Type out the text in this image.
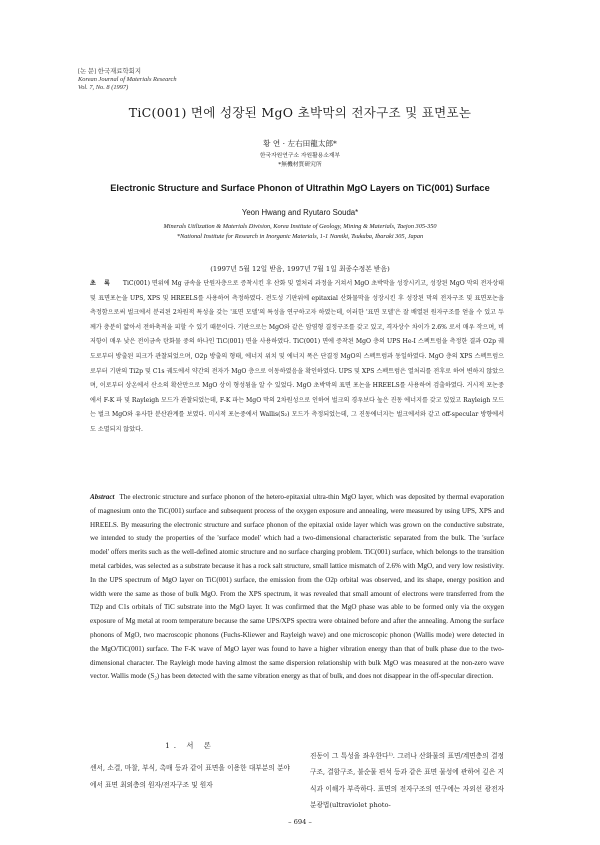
[논 문] 한국재료학회지
Korean Journal of Materials Research
Vol. 7, No. 8 (1997)
TiC(001) 면에 성장된 MgO 초박막의 전자구조 및 표면포논
황 연 · 左右田龍太郎*
한국자원연구소 자원활용소재부
*無機材質研究所
Electronic Structure and Surface Phonon of Ultrathin MgO Layers on TiC(001) Surface
Yeon Hwang and Ryutaro Souda*
Minerals Utilization & Materials Division, Korea Institute of Geology, Mining & Materials, Taejon 305-350
*National Institute for Research in Inorganic Materials, 1-1 Namiki, Tsukuba, Ibaraki 305, Japan
(1997년 5월 12일 받음, 1997년 7월 1일 최종수정본 받음)
초 록 TiC(001) 면위에 Mg 금속을 단원자층으로 증착시킨 후 산화 및 열처리 과정을 거쳐서 MgO 초박막을 성장시키고, 성장된 MgO 막의 전자상태 및 표면포논을 UPS, XPS 및 HREELS를 사용하여 측정하였다. 전도성 기판위에 epitaxial 산화물막을 성장시킨 후 성장된 막의 전자구조 및 표면포논을 측정함으로써 벌크에서 분리된 2차원적 특성을 갖는 '표면 모델'의 특성을 연구하고자 하였는데, 이러한 '표면 모델'은 잘 배열된 원자구조를 얻을 수 있고 두께가 충분히 얇아서 전하축적을 피할 수 있기 때문이다. 기판으로는 MgO와 같은 암염형 결정구조를 갖고 있고, 격자상수 차이가 2.6% 로서 매우 작으며, 비저항이 매우 낮은 전이금속 탄화물 중의 하나인 TiC(001) 면을 사용하였다. TiC(001) 면에 증착된 MgO 층의 UPS He-I 스펙트럼을 측정한 결과 O2p 궤도로부터 방출된 피크가 관찰되었으며, O2p 방출의 형태, 에너지 위치 및 에너지 폭은 단결정 MgO의 스펙트럼과 동일하였다. MgO 층의 XPS 스펙트럼으로부터 기판의 Ti2p 및 C1s 궤도에서 약간의 전자가 MgO 층으로 이동하였음을 확인하였다. UPS 및 XPS 스펙트럼은 열처리를 전후로 하여 변하지 않았으며, 이로부터 상온에서 산소의 확산만으로 MgO 상이 형성됨을 알 수 있었다. MgO 초박막의 표면 포논을 HREELS를 사용하여 검출하였다. 거시적 포논중에서 F-K 파 및 Rayleigh 모드가 관찰되었는데, F-K 파는 MgO 막의 2차원성으로 인하여 벌크의 경우보다 높은 진동 에너지를 갖고 있었고 Rayleigh 모드는 벌크 MgO와 유사한 분산관계를 보였다. 미시적 포논중에서 Wallis(S₂) 모드가 측정되었는데, 그 진동에너지는 벌크에서와 같고 off-specular 방향에서도 소멸되지 않았다.
Abstract The electronic structure and surface phonon of the hetero-epitaxial ultra-thin MgO layer, which was deposited by thermal evaporation of magnesium onto the TiC(001) surface and subsequent process of the oxygen exposure and annealing, were measured by using UPS, XPS and HREELS. By measuring the electronic structure and surface phonon of the epitaxial oxide layer which was grown on the conductive substrate, we intended to study the properties of the 'surface model' which had a two-dimensional characteristic separated from the bulk. The 'surface model' offers merits such as the well-defined atomic structure and no surface charging problem. TiC(001) surface, which belongs to the transition metal carbides, was selected as a substrate because it has a rock salt structure, small lattice mismatch of 2.6% with MgO, and very low resistivity. In the UPS spectrum of MgO layer on TiC(001) surface, the emission from the O2p orbital was observed, and its shape, energy position and width were the same as those of bulk MgO. From the XPS spectrum, it was revealed that small amount of electrons were transferred from the Ti2p and C1s orbitals of TiC substrate into the MgO layer. It was confirmed that the MgO phase was able to be formed only via the oxygen exposure of Mg metal at room temperature because the same UPS/XPS spectra were obtained before and after the annealing. Among the surface phonons of MgO, two macroscopic phonons (Fuchs-Kliewer and Rayleigh wave) and one microscopic phonon (Wallis mode) were detected in the MgO/TiC(001) surface. The F-K wave of MgO layer was found to have a higher vibration energy than that of bulk phase due to the two-dimensional character. The Rayleigh mode having almost the same dispersion relationship with bulk MgO was measured at the non-zero wave vector. Wallis mode (S₂) has been detected with the same vibration energy as that of bulk, and does not disappear in the off-specular direction.
1. 서 론
센서, 소결, 마찰, 부식, 촉매 등과 같이 표면을 이용한 대부분의 분야에서 표면 최외층의 원자/전자구조 및 원자
진동이 그 특성을 좌우한다¹⁾. 그러나 산화물의 표면/계면층의 결정구조, 결함구조, 불순물 편석 등과 같은 표면 물성에 관하여 깊은 지식과 이해가 부족하다. 표면의 전자구조의 연구에는 자외선 광전자 분광법(ultraviolet photo-
– 694 –
